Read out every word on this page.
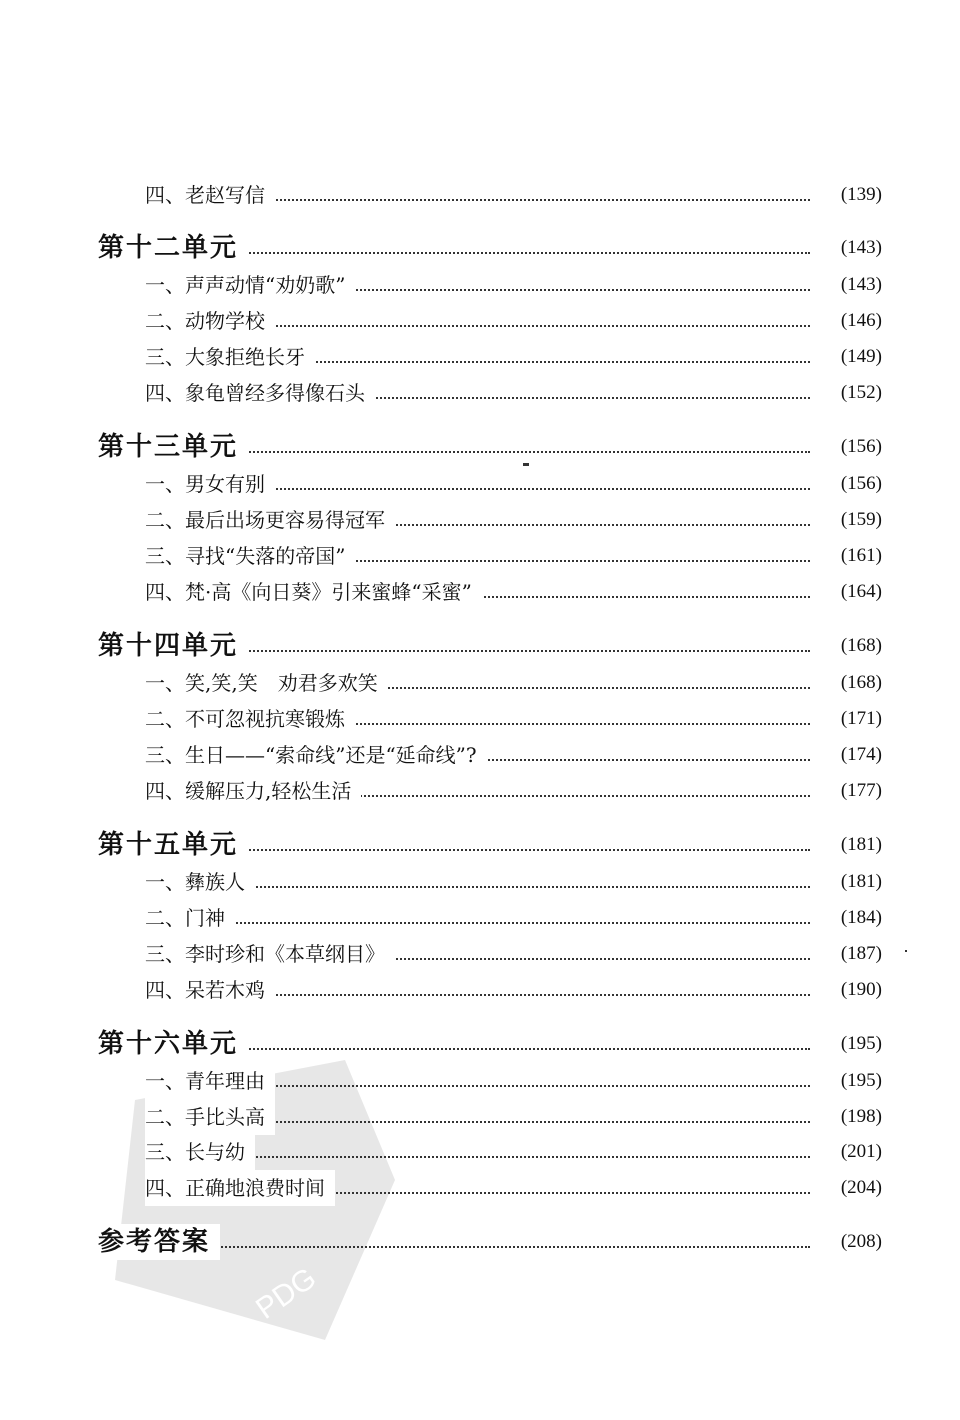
四、老赵写信	(139)
第十二单元	(143)
一、声声动情“劝奶歌”	(143)
二、动物学校	(146)
三、大象拒绝长牙	(149)
四、象龟曾经多得像石头	(152)
第十三单元	(156)
一、男女有别	(156)
二、最后出场更容易得冠军	(159)
三、寻找“失落的帝国”	(161)
四、梵·高《向日葵》引来蜜蜂“采蜜”	(164)
第十四单元	(168)
一、笑,笑,笑　劝君多欢笑	(168)
二、不可忽视抗寒锻炼	(171)
三、生日——“索命线”还是“延命线”?	(174)
四、缓解压力,轻松生活	(177)
第十五单元	(181)
一、彝族人	(181)
二、门神	(184)
三、李时珍和《本草纲目》	(187)
四、呆若木鸡	(190)
第十六单元	(195)
一、青年理由	(195)
二、手比头高	(198)
三、长与幼	(201)
四、正确地浪费时间	(204)
参考答案	(208)
PDG
